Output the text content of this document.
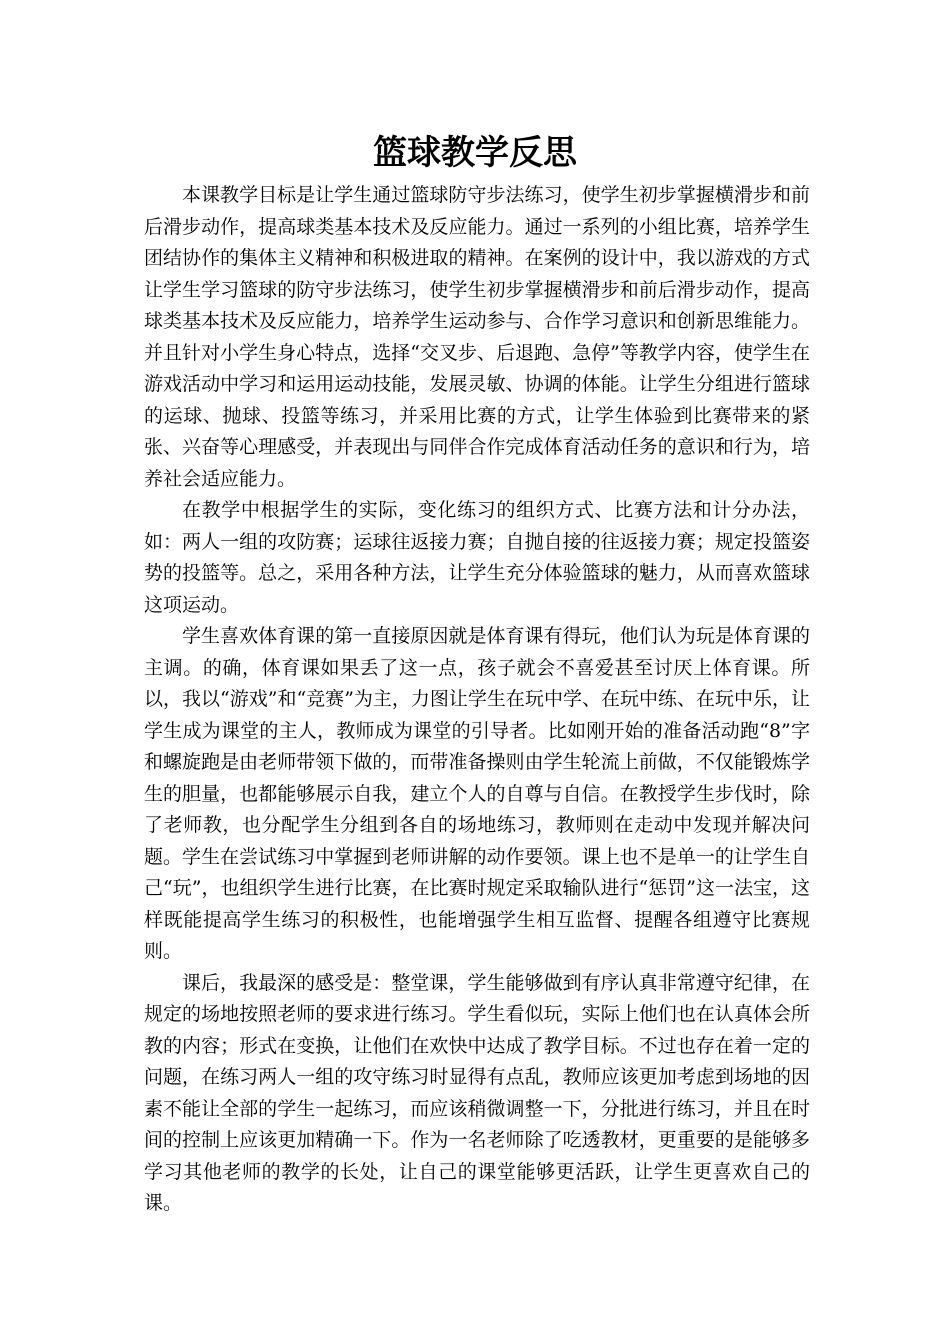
篮球教学反思

本课教学目标是让学生通过篮球防守步法练习，使学生初步掌握横滑步和前后滑步动作，提高球类基本技术及反应能力。通过一系列的小组比赛，培养学生团结协作的集体主义精神和积极进取的精神。在案例的设计中，我以游戏的方式让学生学习篮球的防守步法练习，使学生初步掌握横滑步和前后滑步动作，提高球类基本技术及反应能力，培养学生运动参与、合作学习意识和创新思维能力。并且针对小学生身心特点，选择“交叉步、后退跑、急停”等教学内容，使学生在游戏活动中学习和运用运动技能，发展灵敏、协调的体能。让学生分组进行篮球的运球、抛球、投篮等练习，并采用比赛的方式，让学生体验到比赛带来的紧张、兴奋等心理感受，并表现出与同伴合作完成体育活动任务的意识和行为，培养社会适应能力。

在教学中根据学生的实际，变化练习的组织方式、比赛方法和计分办法，如：两人一组的攻防赛；运球往返接力赛；自抛自接的往返接力赛；规定投篮姿势的投篮等。总之，采用各种方法，让学生充分体验篮球的魅力，从而喜欢篮球这项运动。

学生喜欢体育课的第一直接原因就是体育课有得玩，他们认为玩是体育课的主调。的确，体育课如果丢了这一点，孩子就会不喜爱甚至讨厌上体育课。所以，我以“游戏”和“竞赛”为主，力图让学生在玩中学、在玩中练、在玩中乐，让学生成为课堂的主人，教师成为课堂的引导者。比如刚开始的准备活动跑“8”字和螺旋跑是由老师带领下做的，而带准备操则由学生轮流上前做，不仅能锻炼学生的胆量，也都能够展示自我，建立个人的自尊与自信。在教授学生步伐时，除了老师教，也分配学生分组到各自的场地练习，教师则在走动中发现并解决问题。学生在尝试练习中掌握到老师讲解的动作要领。课上也不是单一的让学生自己“玩”，也组织学生进行比赛，在比赛时规定采取输队进行“惩罚”这一法宝，这样既能提高学生练习的积极性，也能增强学生相互监督、提醒各组遵守比赛规则。

课后，我最深的感受是：整堂课，学生能够做到有序认真非常遵守纪律，在规定的场地按照老师的要求进行练习。学生看似玩，实际上他们也在认真体会所教的内容；形式在变换，让他们在欢快中达成了教学目标。不过也存在着一定的问题，在练习两人一组的攻守练习时显得有点乱，教师应该更加考虑到场地的因素不能让全部的学生一起练习，而应该稍微调整一下，分批进行练习，并且在时间的控制上应该更加精确一下。作为一名老师除了吃透教材，更重要的是能够多学习其他老师的教学的长处，让自己的课堂能够更活跃，让学生更喜欢自己的课。
